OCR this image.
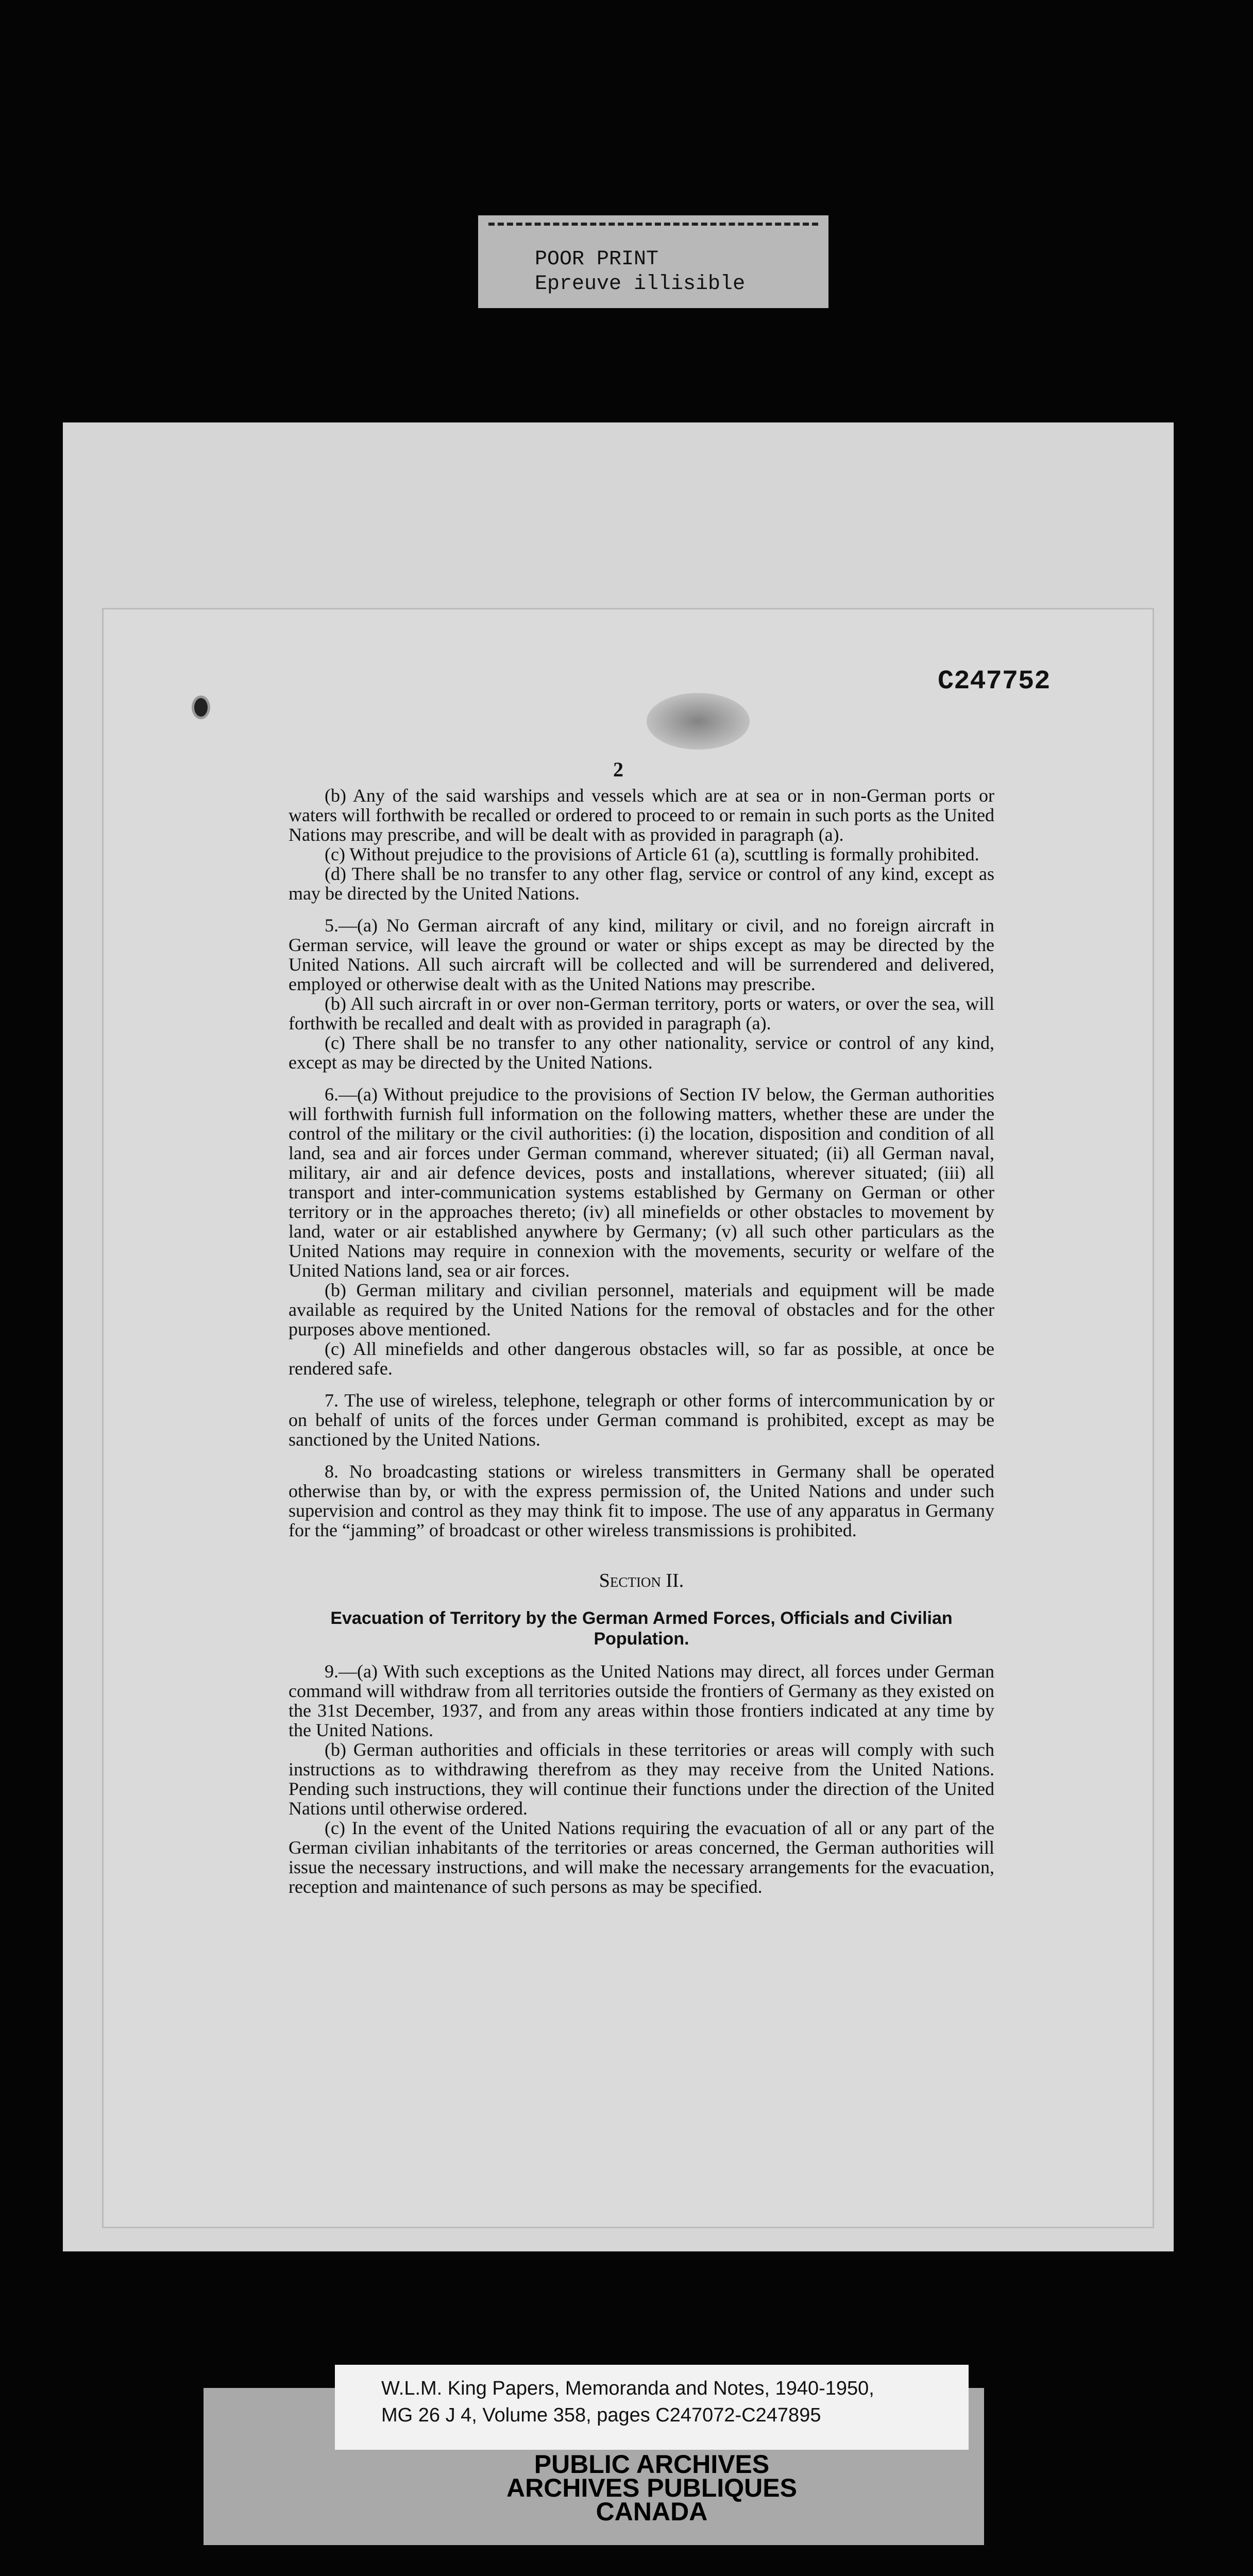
POOR PRINT
Epreuve illisible
C247752
2

(b) Any of the said warships and vessels which are at sea or in non-German ports or waters will forthwith be recalled or ordered to proceed to or remain in such ports as the United Nations may prescribe, and will be dealt with as provided in paragraph (a).

(c) Without prejudice to the provisions of Article 61 (a), scuttling is formally prohibited.

(d) There shall be no transfer to any other flag, service or control of any kind, except as may be directed by the United Nations.

5.—(a) No German aircraft of any kind, military or civil, and no foreign aircraft in German service, will leave the ground or water or ships except as may be directed by the United Nations. All such aircraft will be collected and will be surrendered and delivered, employed or otherwise dealt with as the United Nations may prescribe.

(b) All such aircraft in or over non-German territory, ports or waters, or over the sea, will forthwith be recalled and dealt with as provided in paragraph (a).

(c) There shall be no transfer to any other nationality, service or control of any kind, except as may be directed by the United Nations.

6.—(a) Without prejudice to the provisions of Section IV below, the German authorities will forthwith furnish full information on the following matters, whether these are under the control of the military or the civil authorities: (i) the location, disposition and condition of all land, sea and air forces under German command, wherever situated; (ii) all German naval, military, air and air defence devices, posts and installations, wherever situated; (iii) all transport and inter-communication systems established by Germany on German or other territory or in the approaches thereto; (iv) all minefields or other obstacles to movement by land, water or air established anywhere by Germany; (v) all such other particulars as the United Nations may require in connexion with the movements, security or welfare of the United Nations land, sea or air forces.

(b) German military and civilian personnel, materials and equipment will be made available as required by the United Nations for the removal of obstacles and for the other purposes above mentioned.

(c) All minefields and other dangerous obstacles will, so far as possible, at once be rendered safe.

7. The use of wireless, telephone, telegraph or other forms of intercommunication by or on behalf of units of the forces under German command is prohibited, except as may be sanctioned by the United Nations.

8. No broadcasting stations or wireless transmitters in Germany shall be operated otherwise than by, or with the express permission of, the United Nations and under such supervision and control as they may think fit to impose. The use of any apparatus in Germany for the “jamming” of broadcast or other wireless transmissions is prohibited.

Section II.
Evacuation of Territory by the German Armed Forces, Officials and Civilian Population.

9.—(a) With such exceptions as the United Nations may direct, all forces under German command will withdraw from all territories outside the frontiers of Germany as they existed on the 31st December, 1937, and from any areas within those frontiers indicated at any time by the United Nations.

(b) German authorities and officials in these territories or areas will comply with such instructions as to withdrawing therefrom as they may receive from the United Nations. Pending such instructions, they will continue their functions under the direction of the United Nations until otherwise ordered.

(c) In the event of the United Nations requiring the evacuation of all or any part of the German civilian inhabitants of the territories or areas concerned, the German authorities will issue the necessary instructions, and will make the necessary arrangements for the evacuation, reception and maintenance of such persons as may be specified.

W.L.M. King Papers, Memoranda and Notes, 1940-1950,
MG 26 J 4, Volume 358, pages C247072-C247895
PUBLIC ARCHIVES
ARCHIVES PUBLIQUES
CANADA
